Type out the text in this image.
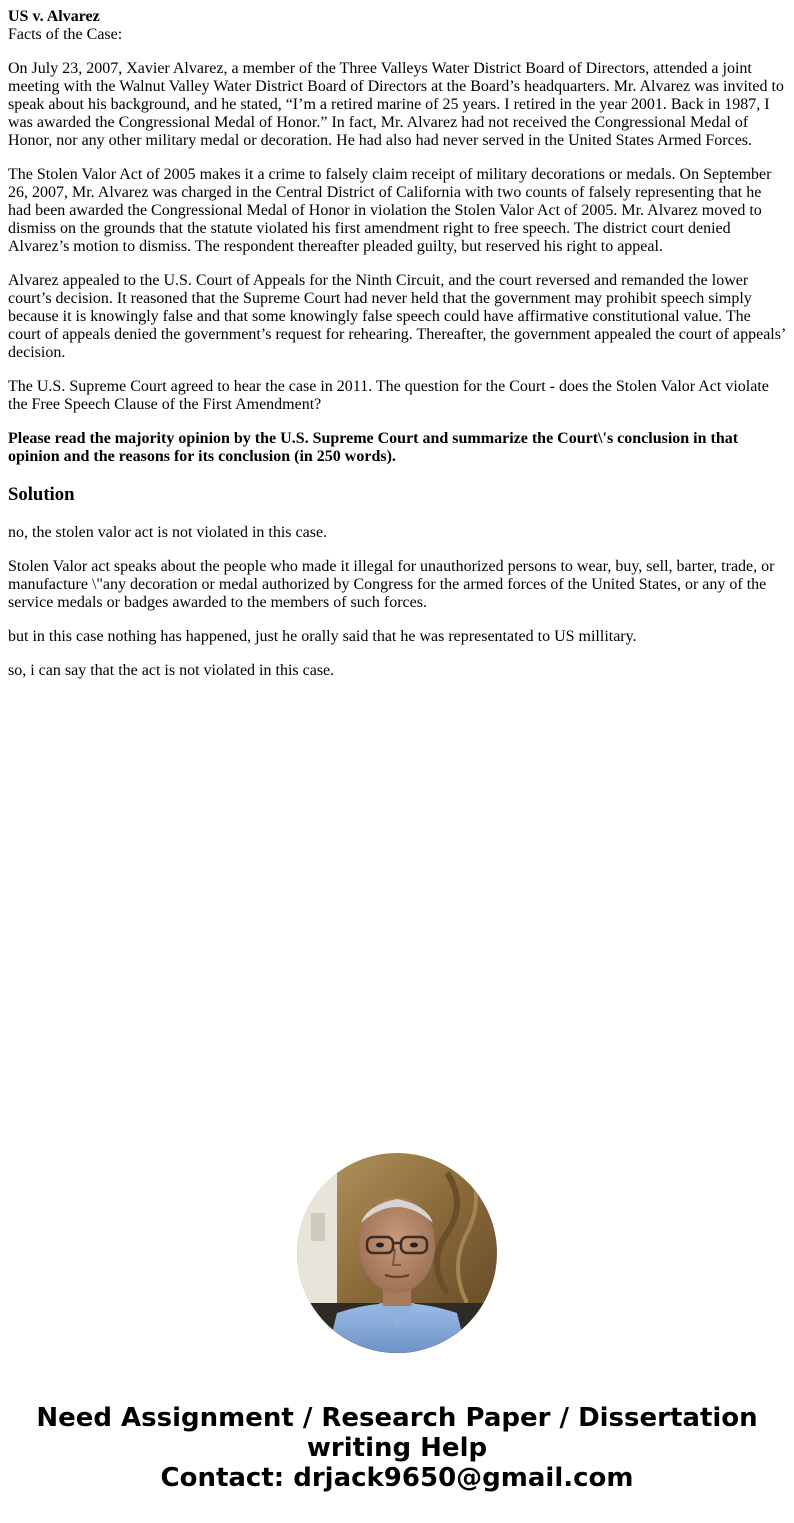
US v. Alvarez
Facts of the Case:

On July 23, 2007, Xavier Alvarez, a member of the Three Valleys Water District Board of Directors, attended a joint meeting with the Walnut Valley Water District Board of Directors at the Board’s headquarters. Mr. Alvarez was invited to speak about his background, and he stated, “I’m a retired marine of 25 years. I retired in the year 2001. Back in 1987, I was awarded the Congressional Medal of Honor.” In fact, Mr. Alvarez had not received the Congressional Medal of Honor, nor any other military medal or decoration. He had also had never served in the United States Armed Forces.

The Stolen Valor Act of 2005 makes it a crime to falsely claim receipt of military decorations or medals. On September 26, 2007, Mr. Alvarez was charged in the Central District of California with two counts of falsely representing that he had been awarded the Congressional Medal of Honor in violation the Stolen Valor Act of 2005. Mr. Alvarez moved to dismiss on the grounds that the statute violated his first amendment right to free speech. The district court denied Alvarez’s motion to dismiss. The respondent thereafter pleaded guilty, but reserved his right to appeal.

Alvarez appealed to the U.S. Court of Appeals for the Ninth Circuit, and the court reversed and remanded the lower court’s decision. It reasoned that the Supreme Court had never held that the government may prohibit speech simply because it is knowingly false and that some knowingly false speech could have affirmative constitutional value. The court of appeals denied the government’s request for rehearing. Thereafter, the government appealed the court of appeals’ decision.

The U.S. Supreme Court agreed to hear the case in 2011. The question for the Court - does the Stolen Valor Act violate the Free Speech Clause of the First Amendment?

Please read the majority opinion by the U.S. Supreme Court and summarize the Court\'s conclusion in that opinion and the reasons for its conclusion (in 250 words).

Solution

no, the stolen valor act is not violated in this case.

Stolen Valor act speaks about the people who made it illegal for unauthorized persons to wear, buy, sell, barter, trade, or manufacture \"any decoration or medal authorized by Congress for the armed forces of the United States, or any of the service medals or badges awarded to the members of such forces.

but in this case nothing has happened, just he orally said that he was representated to US millitary.

so, i can say that the act is not violated in this case.

Need Assignment / Research Paper / Dissertation
writing Help
Contact: drjack9650@gmail.com
